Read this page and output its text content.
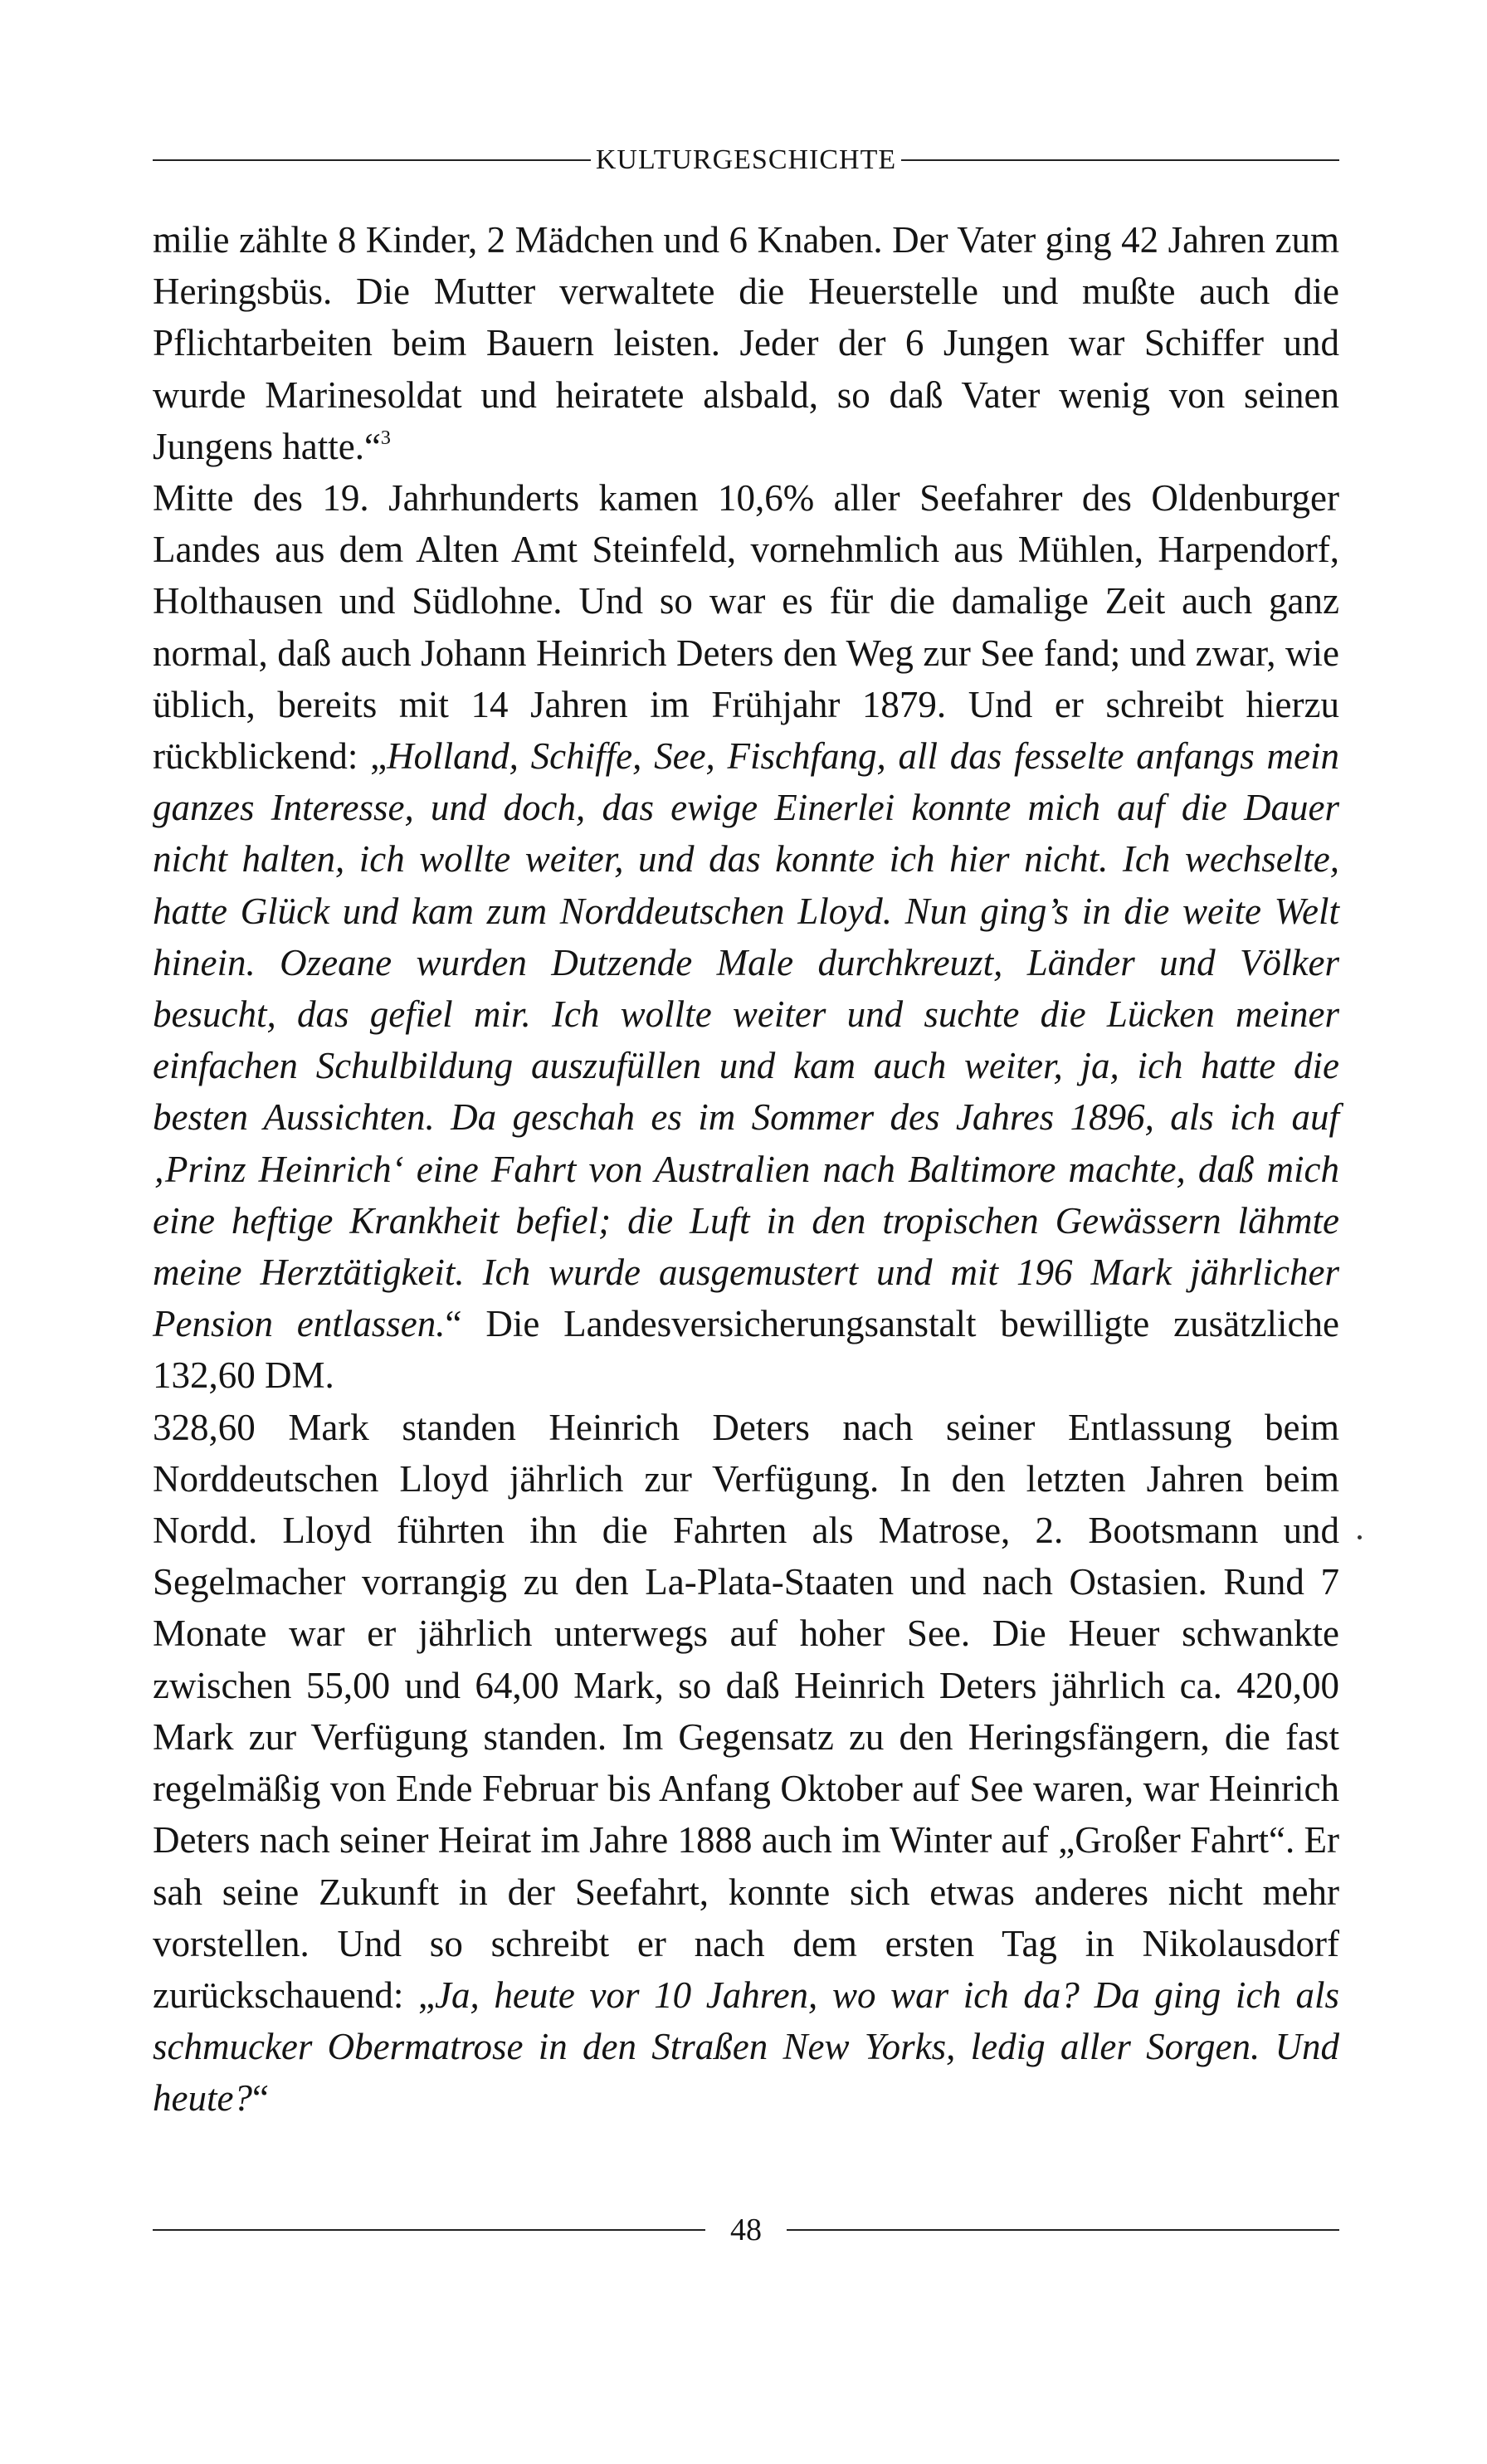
KULTURGESCHICHTE

milie zählte 8 Kinder, 2 Mädchen und 6 Knaben. Der Vater ging 42 Jahren zum Heringsbüs. Die Mutter verwaltete die Heuerstelle und mußte auch die Pflichtarbeiten beim Bauern leisten. Jeder der 6 Jungen war Schiffer und wurde Marinesoldat und heiratete alsbald, so daß Vater wenig von seinen Jungens hatte.“$^3$

Mitte des 19. Jahrhunderts kamen 10,6% aller Seefahrer des Oldenburger Landes aus dem Alten Amt Steinfeld, vornehmlich aus Mühlen, Harpendorf, Holthausen und Südlohne. Und so war es für die damalige Zeit auch ganz normal, daß auch Johann Heinrich Deters den Weg zur See fand; und zwar, wie üblich, bereits mit 14 Jahren im Frühjahr 1879. Und er schreibt hierzu rückblickend: „Holland, Schiffe, See, Fischfang, all das fesselte anfangs mein ganzes Interesse, und doch, das ewige Einerlei konnte mich auf die Dauer nicht halten, ich wollte weiter, und das konnte ich hier nicht. Ich wechselte, hatte Glück und kam zum Norddeutschen Lloyd. Nun ging’s in die weite Welt hinein. Ozeane wurden Dutzende Male durchkreuzt, Länder und Völker besucht, das gefiel mir. Ich wollte weiter und suchte die Lücken meiner einfachen Schulbildung auszufüllen und kam auch weiter, ja, ich hatte die besten Aussichten. Da geschah es im Sommer des Jahres 1896, als ich auf ‚Prinz Heinrich‘ eine Fahrt von Australien nach Baltimore machte, daß mich eine heftige Krankheit befiel; die Luft in den tropischen Gewässern lähmte meine Herztätigkeit. Ich wurde ausgemustert und mit 196 Mark jährlicher Pension entlassen.“ Die Landesversicherungsanstalt bewilligte zusätzliche 132,60 DM.

328,60 Mark standen Heinrich Deters nach seiner Entlassung beim Norddeutschen Lloyd jährlich zur Verfügung. In den letzten Jahren beim Nordd. Lloyd führten ihn die Fahrten als Matrose, 2. Bootsmann und Segelmacher vorrangig zu den La-Plata-Staaten und nach Ostasien. Rund 7 Monate war er jährlich unterwegs auf hoher See. Die Heuer schwankte zwischen 55,00 und 64,00 Mark, so daß Heinrich Deters jährlich ca. 420,00 Mark zur Verfügung standen. Im Gegensatz zu den Heringsfängern, die fast regelmäßig von Ende Februar bis Anfang Oktober auf See waren, war Heinrich Deters nach seiner Heirat im Jahre 1888 auch im Winter auf „Großer Fahrt“. Er sah seine Zukunft in der Seefahrt, konnte sich etwas anderes nicht mehr vorstellen. Und so schreibt er nach dem ersten Tag in Nikolausdorf zurückschauend: „Ja, heute vor 10 Jahren, wo war ich da? Da ging ich als schmucker Obermatrose in den Straßen New Yorks, ledig aller Sorgen. Und heute?“

48
